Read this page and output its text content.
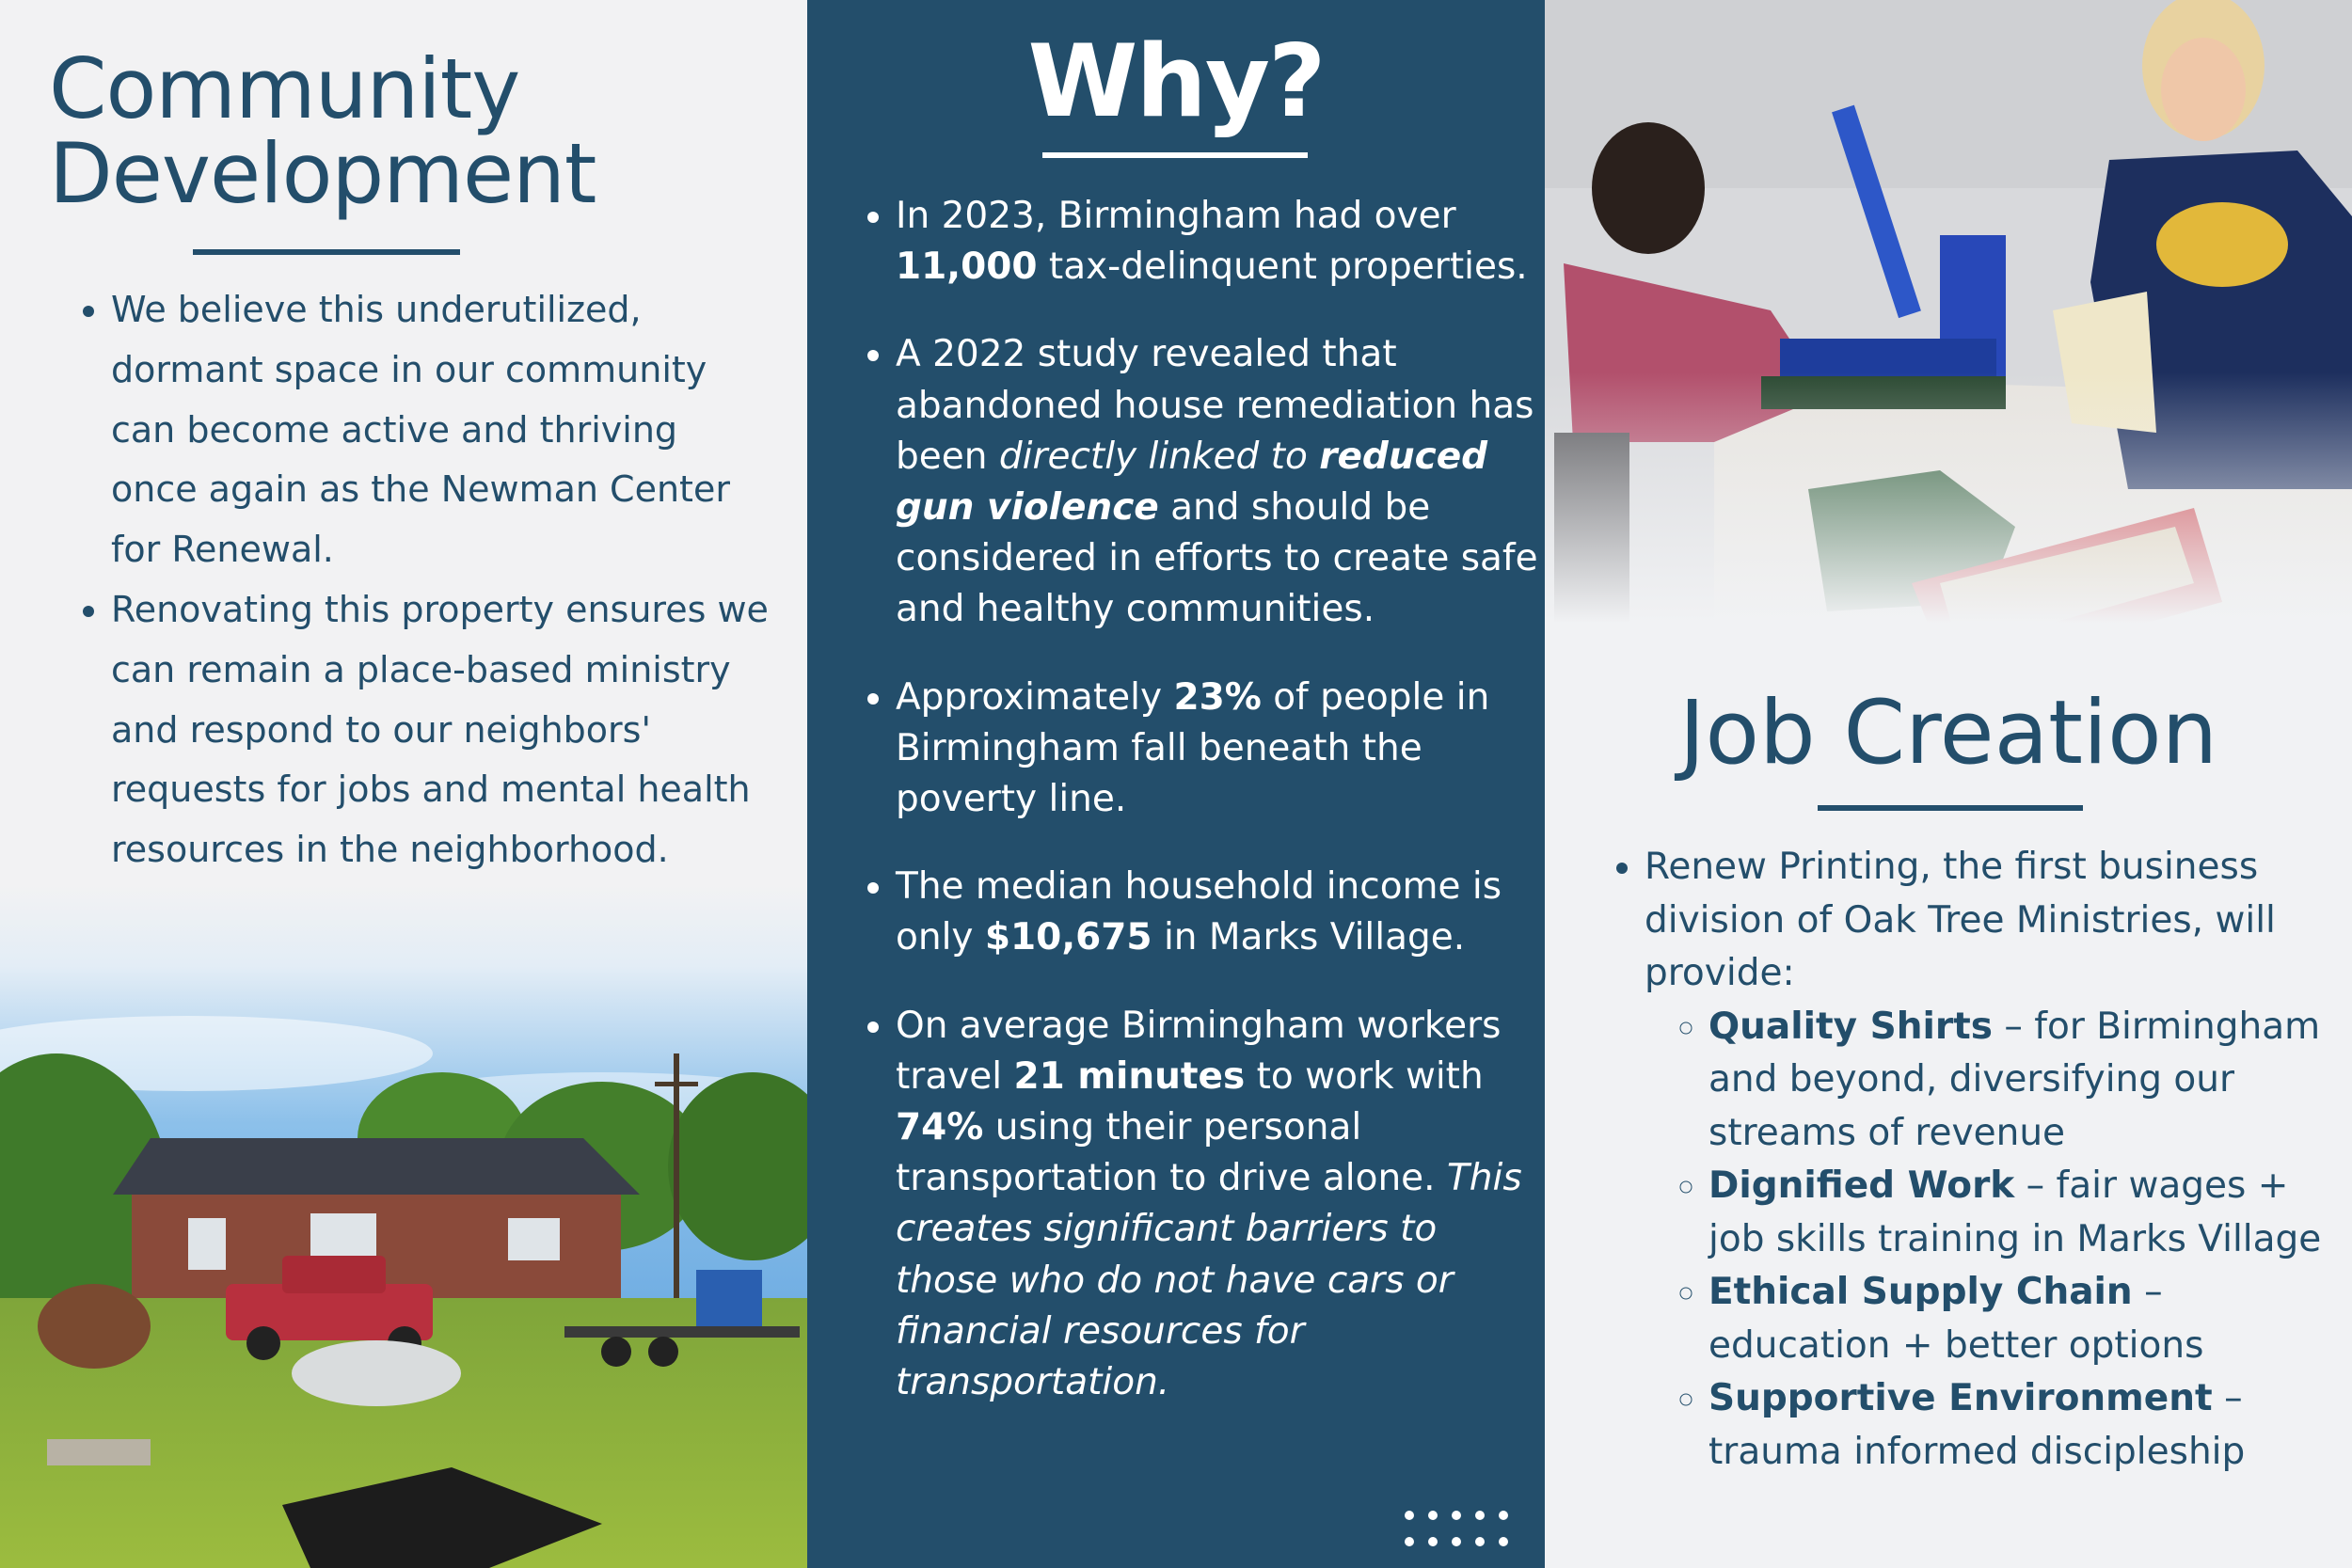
Community
Development
• We believe this underutilized, dormant space in our community can become active and thriving once again as the Newman Center for Renewal.
• Renovating this property ensures we can remain a place-based ministry and respond to our neighbors' requests for jobs and mental health resources in the neighborhood.
Why?
• In 2023, Birmingham had over 11,000 tax-delinquent properties.
• A 2022 study revealed that abandoned house remediation has been directly linked to reduced gun violence and should be considered in efforts to create safe and healthy communities.
• Approximately 23% of people in Birmingham fall beneath the poverty line.
• The median household income is only $10,675 in Marks Village.
• On average Birmingham workers travel 21 minutes to work with 74% using their personal transportation to drive alone. This creates significant barriers to those who do not have cars or financial resources for transportation.
Job Creation
• Renew Printing, the first business division of Oak Tree Ministries, will provide:
◦ Quality Shirts – for Birmingham and beyond, diversifying our streams of revenue
◦ Dignified Work – fair wages + job skills training in Marks Village
◦ Ethical Supply Chain – education + better options
◦ Supportive Environment – trauma informed discipleship
